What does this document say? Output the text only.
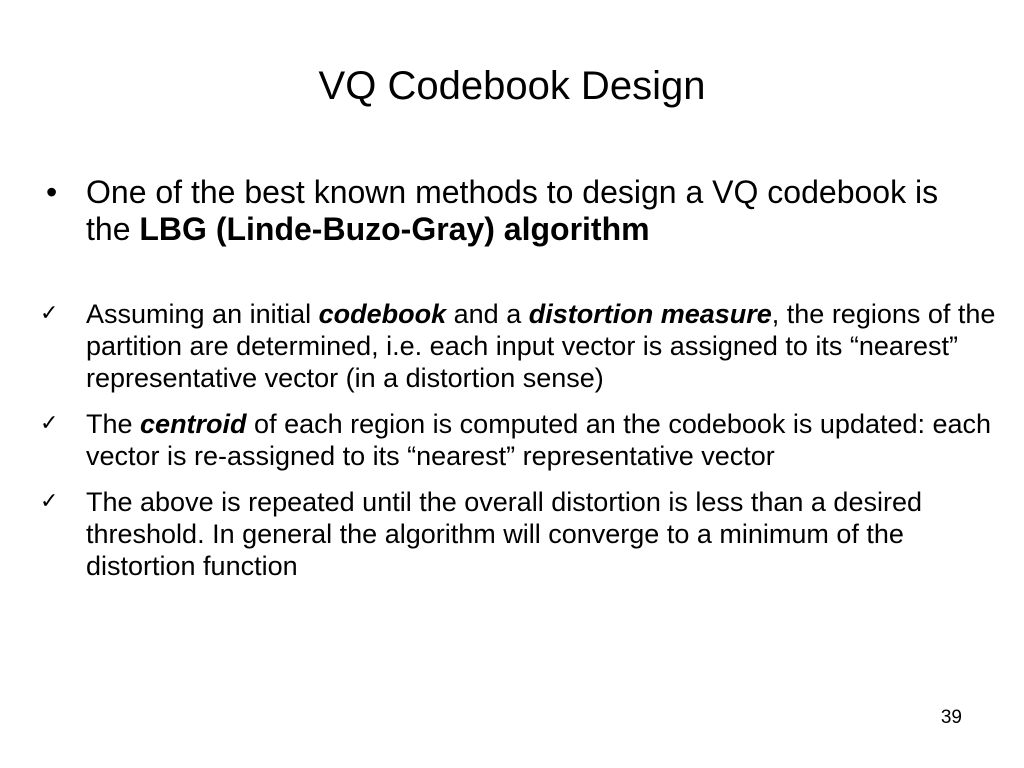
VQ Codebook Design
• One of the best known methods to design a VQ codebook is the LBG (Linde-Buzo-Gray) algorithm
✓ Assuming an initial codebook and a distortion measure, the regions of the partition are determined, i.e. each input vector is assigned to its “nearest” representative vector (in a distortion sense)
✓ The centroid of each region is computed an the codebook is updated: each vector is re-assigned to its “nearest” representative vector
✓ The above is repeated until the overall distortion is less than a desired threshold. In general the algorithm will converge to a minimum of the distortion function
39
